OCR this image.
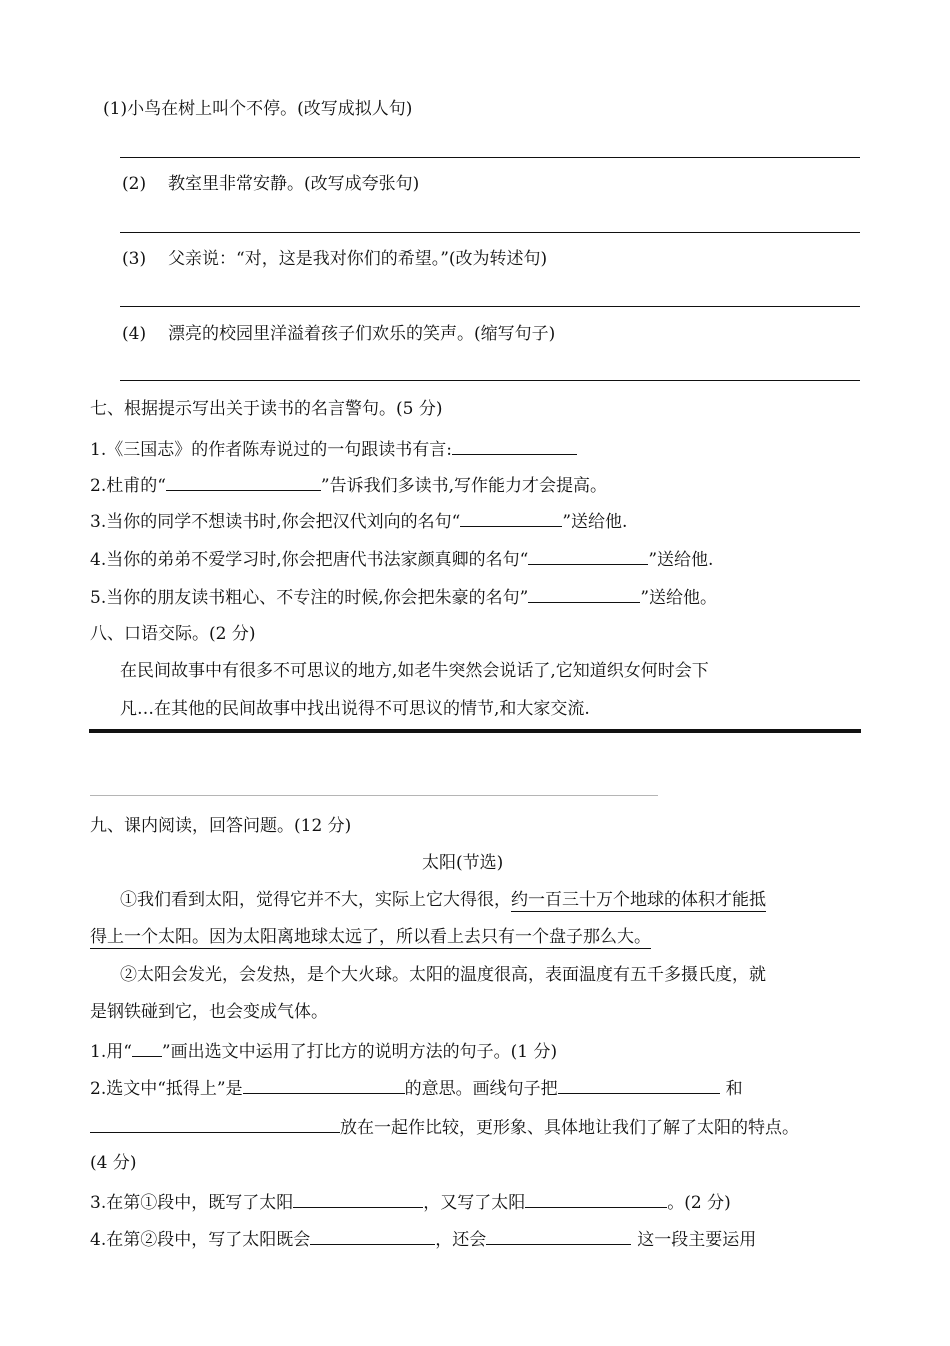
(1)小鸟在树上叫个不停。(改写成拟人句)
(2) 教室里非常安静。(改写成夸张句)
(3) 父亲说：“对，这是我对你们的希望。”(改为转述句)
(4) 漂亮的校园里洋溢着孩子们欢乐的笑声。(缩写句子)
七、根据提示写出关于读书的名言警句。(5 分)
1.《三国志》的作者陈寿说过的一句跟读书有言:
2.杜甫的“	”告诉我们多读书,写作能力才会提高。
3.当你的同学不想读书时,你会把汉代刘向的名句“	”送给他.
4.当你的弟弟不爱学习时,你会把唐代书法家颜真卿的名句“	”送给他.
5.当你的朋友读书粗心、不专注的时候,你会把朱豪的名句”	”送给他。
八、口语交际。(2 分)
在民间故事中有很多不可思议的地方,如老牛突然会说话了,它知道织女何时会下
凡…在其他的民间故事中找出说得不可思议的情节,和大家交流.
九、课内阅读，回答问题。(12 分)
太阳(节选)
①我们看到太阳，觉得它并不大，实际上它大得很，约一百三十万个地球的体积才能抵
得上一个太阳。因为太阳离地球太远了，所以看上去只有一个盘子那么大。
②太阳会发光，会发热，是个大火球。太阳的温度很高，表面温度有五千多摄氏度，就
是钢铁碰到它，也会变成气体。
1.用“ ”画出选文中运用了打比方的说明方法的句子。(1 分)
2.选文中“抵得上”是	的意思。画线句子把	和
放在一起作比较，更形象、具体地让我们了解了太阳的特点。
(4 分)
3.在第①段中，既写了太阳	，又写了太阳	。(2 分)
4.在第②段中，写了太阳既会	，还会	这一段主要运用
